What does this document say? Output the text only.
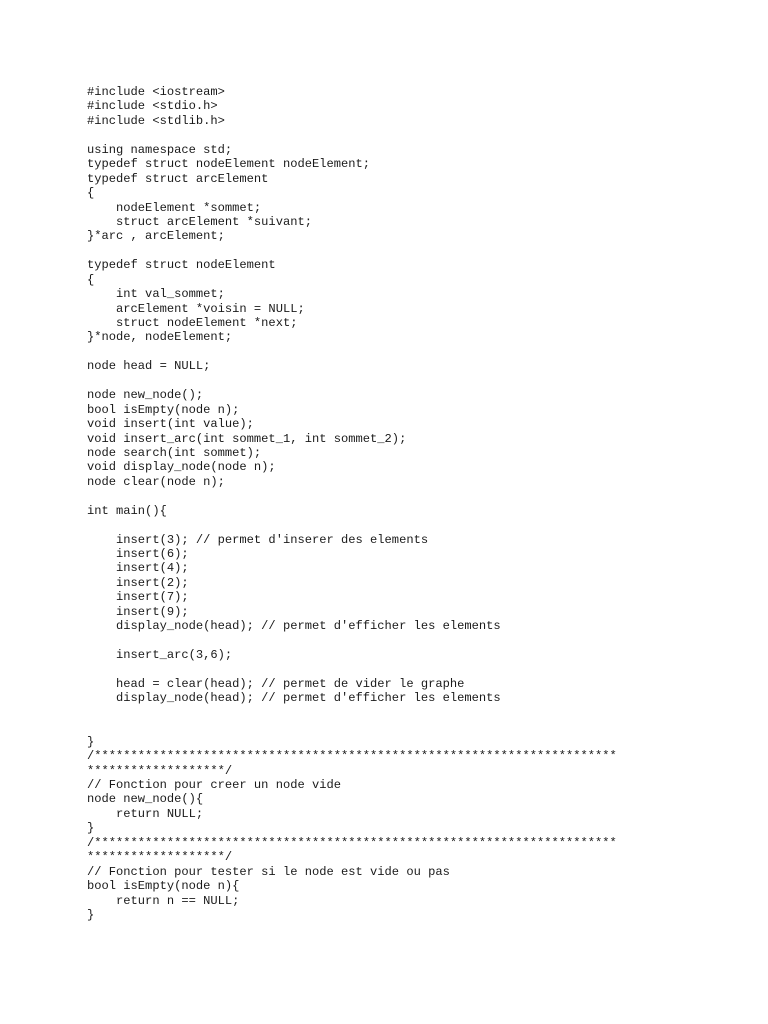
#include <iostream>
#include <stdio.h>
#include <stdlib.h>
using namespace std;
typedef struct nodeElement nodeElement;
typedef struct arcElement
{
nodeElement *sommet;
struct arcElement *suivant;
}*arc , arcElement;
typedef struct nodeElement
{
int val_sommet;
arcElement *voisin = NULL;
struct nodeElement *next;
}*node, nodeElement;
node head = NULL;
node new_node();
bool isEmpty(node n);
void insert(int value);
void insert_arc(int sommet_1, int sommet_2);
node search(int sommet);
void display_node(node n);
node clear(node n);
int main(){
insert(3); // permet d'inserer des elements
insert(6);
insert(4);
insert(2);
insert(7);
insert(9);
display_node(head); // permet d'efficher les elements
insert_arc(3,6);
head = clear(head); // permet de vider le graphe
display_node(head); // permet d'efficher les elements
}
/************************************************************************
*******************/
// Fonction pour creer un node vide
node new_node(){
return NULL;
}
/************************************************************************
*******************/
// Fonction pour tester si le node est vide ou pas
bool isEmpty(node n){
return n == NULL;
}
